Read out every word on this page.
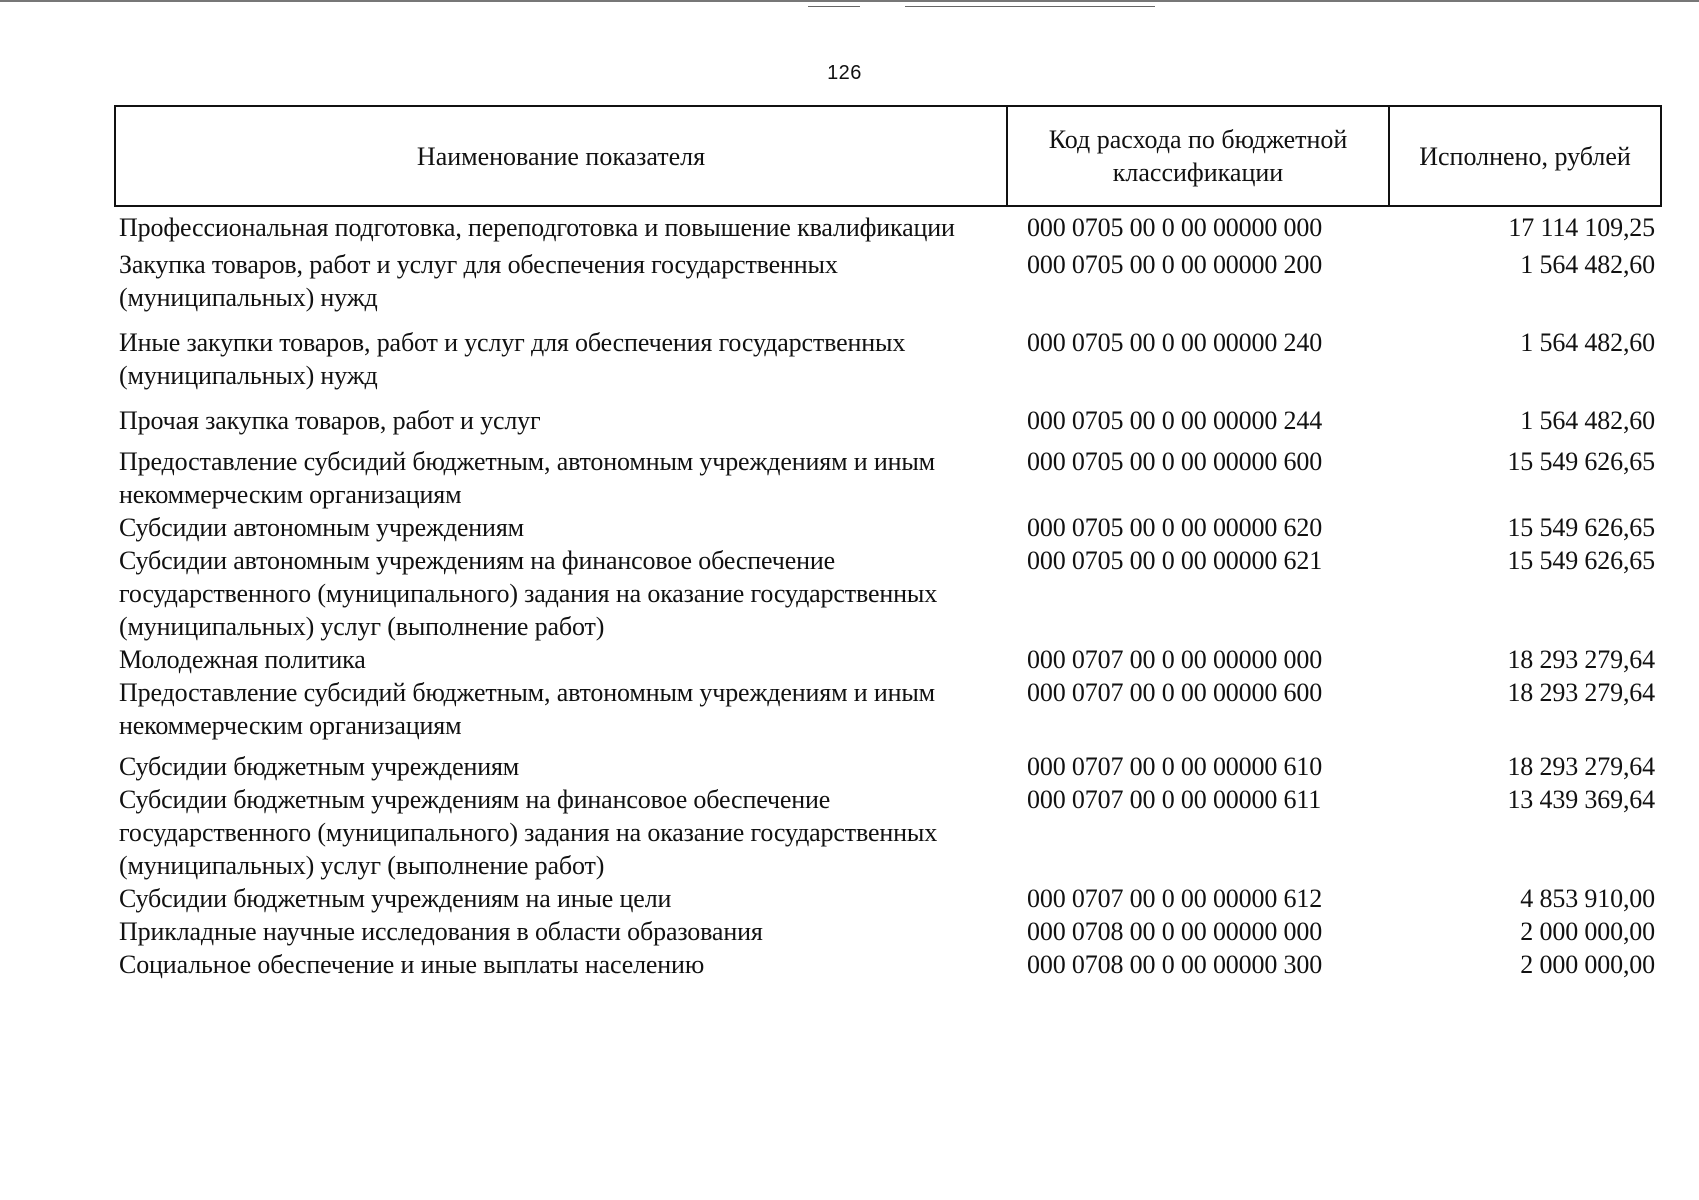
126
Наименование показателя	Код расхода по бюджетной классификации	Исполнено, рублей
Профессиональная подготовка, переподготовка и повышение квалификации	000 0705 00 0 00 00000 000	17 114 109,25
Закупка товаров, работ и услуг для обеспечения государственных (муниципальных) нужд	000 0705 00 0 00 00000 200	1 564 482,60
Иные закупки товаров, работ и услуг для обеспечения государственных (муниципальных) нужд	000 0705 00 0 00 00000 240	1 564 482,60
Прочая закупка товаров, работ и услуг	000 0705 00 0 00 00000 244	1 564 482,60
Предоставление субсидий бюджетным, автономным учреждениям и иным некоммерческим организациям	000 0705 00 0 00 00000 600	15 549 626,65
Субсидии автономным учреждениям	000 0705 00 0 00 00000 620	15 549 626,65
Субсидии автономным учреждениям на финансовое обеспечение государственного (муниципального) задания на оказание государственных (муниципальных) услуг (выполнение работ)	000 0705 00 0 00 00000 621	15 549 626,65
Молодежная политика	000 0707 00 0 00 00000 000	18 293 279,64
Предоставление субсидий бюджетным, автономным учреждениям и иным некоммерческим организациям	000 0707 00 0 00 00000 600	18 293 279,64
Субсидии бюджетным учреждениям	000 0707 00 0 00 00000 610	18 293 279,64
Субсидии бюджетным учреждениям на финансовое обеспечение государственного (муниципального) задания на оказание государственных (муниципальных) услуг (выполнение работ)	000 0707 00 0 00 00000 611	13 439 369,64
Субсидии бюджетным учреждениям на иные цели	000 0707 00 0 00 00000 612	4 853 910,00
Прикладные научные исследования в области образования	000 0708 00 0 00 00000 000	2 000 000,00
Социальное обеспечение и иные выплаты населению	000 0708 00 0 00 00000 300	2 000 000,00
